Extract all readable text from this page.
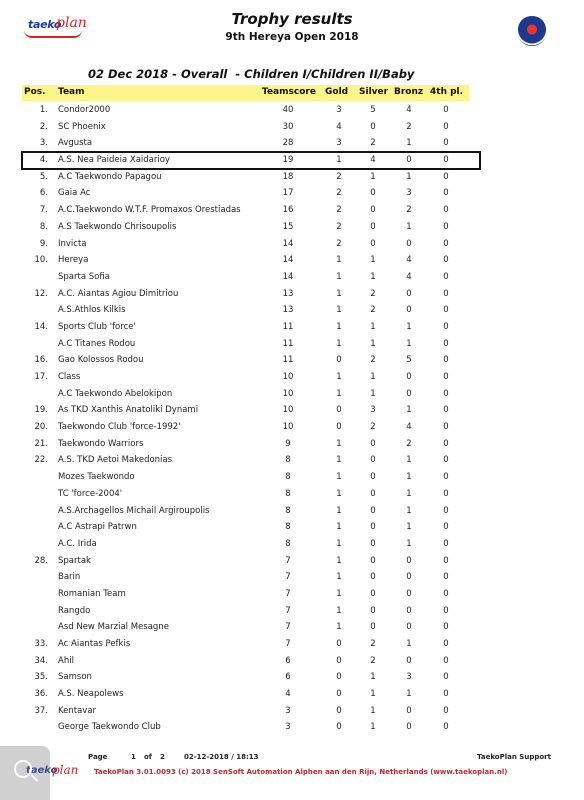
taeko
plan	Trophy results
9th Hereya Open 2018
02 Dec 2018 - Overall  - Children I/Children II/Baby
Pos. Team	Teamscore Gold Silver Bronz 4th pl.
1. Condor2000	40	3	5	4	0
2. SC Phoenix	30	4	0	2	0
3. Avgusta	28	3	2	1	0
4. A.S. Nea Paideia Xaidarioy	19	1	4	0	0
5. A.C Taekwondo Papagou	18	2	1	1	0
6. Gaia Ac	17	2	0	3	0
7. A.C.Taekwondo W.T.F. Promaxos Orestiadas	16	2	0	2	0
8. A.S Taekwondo Chrisoupolis	15	2	0	1	0
9. Invicta	14	2	0	0	0
10. Hereya	14	1	1	4	0
Sparta Sofia	14	1	1	4	0
12. A.C. Aiantas Agiou Dimitriou	13	1	2	0	0
A.S.Athlos Kilkis	13	1	2	0	0
14. Sports Club 'force'	11	1	1	1	0
A.C Titanes Rodou	11	1	1	1	0
16. Gao Kolossos Rodou	11	0	2	5	0
17. Class	10	1	1	0	0
A.C Taekwondo Abelokipon	10	1	1	0	0
19. As TKD Xanthis Anatoliki Dynami	10	0	3	1	0
20. Taekwondo Club 'force-1992'	10	0	2	4	0
21. Taekwondo Warriors	9	1	0	2	0
22. A.S. TKD Aetoi Makedonias	8	1	0	1	0
Mozes Taekwondo	8	1	0	1	0
TC 'force-2004'	8	1	0	1	0
A.S.Archagellos Michail Argiroupolis	8	1	0	1	0
A.C Astrapi Patrwn	8	1	0	1	0
A.C. Irida	8	1	0	1	0
28. Spartak	7	1	0	0	0
Barin	7	1	0	0	0
Romanian Team	7	1	0	0	0
Rangdo	7	1	0	0	0
Asd New Marzial Mesagne	7	1	0	0	0
33. Ac Aiantas Pefkis	7	0	2	1	0
34. Ahil	6	0	2	0	0
35. Samson	6	0	1	3	0
36. A.S. Neapolews	4	0	1	1	0
37. Kentavar	3	0	1	0	0
George Taekwondo Club	3	0	1	0	0
Page	1 of 2	02-12-2018 / 18:13	TaekoPlan Support
taeko
plan TaekoPlan 3.01.0093 (c) 2018 SenSoft Automation Alphen aan den Rijn, Netherlands (www.taekoplan.nl)
